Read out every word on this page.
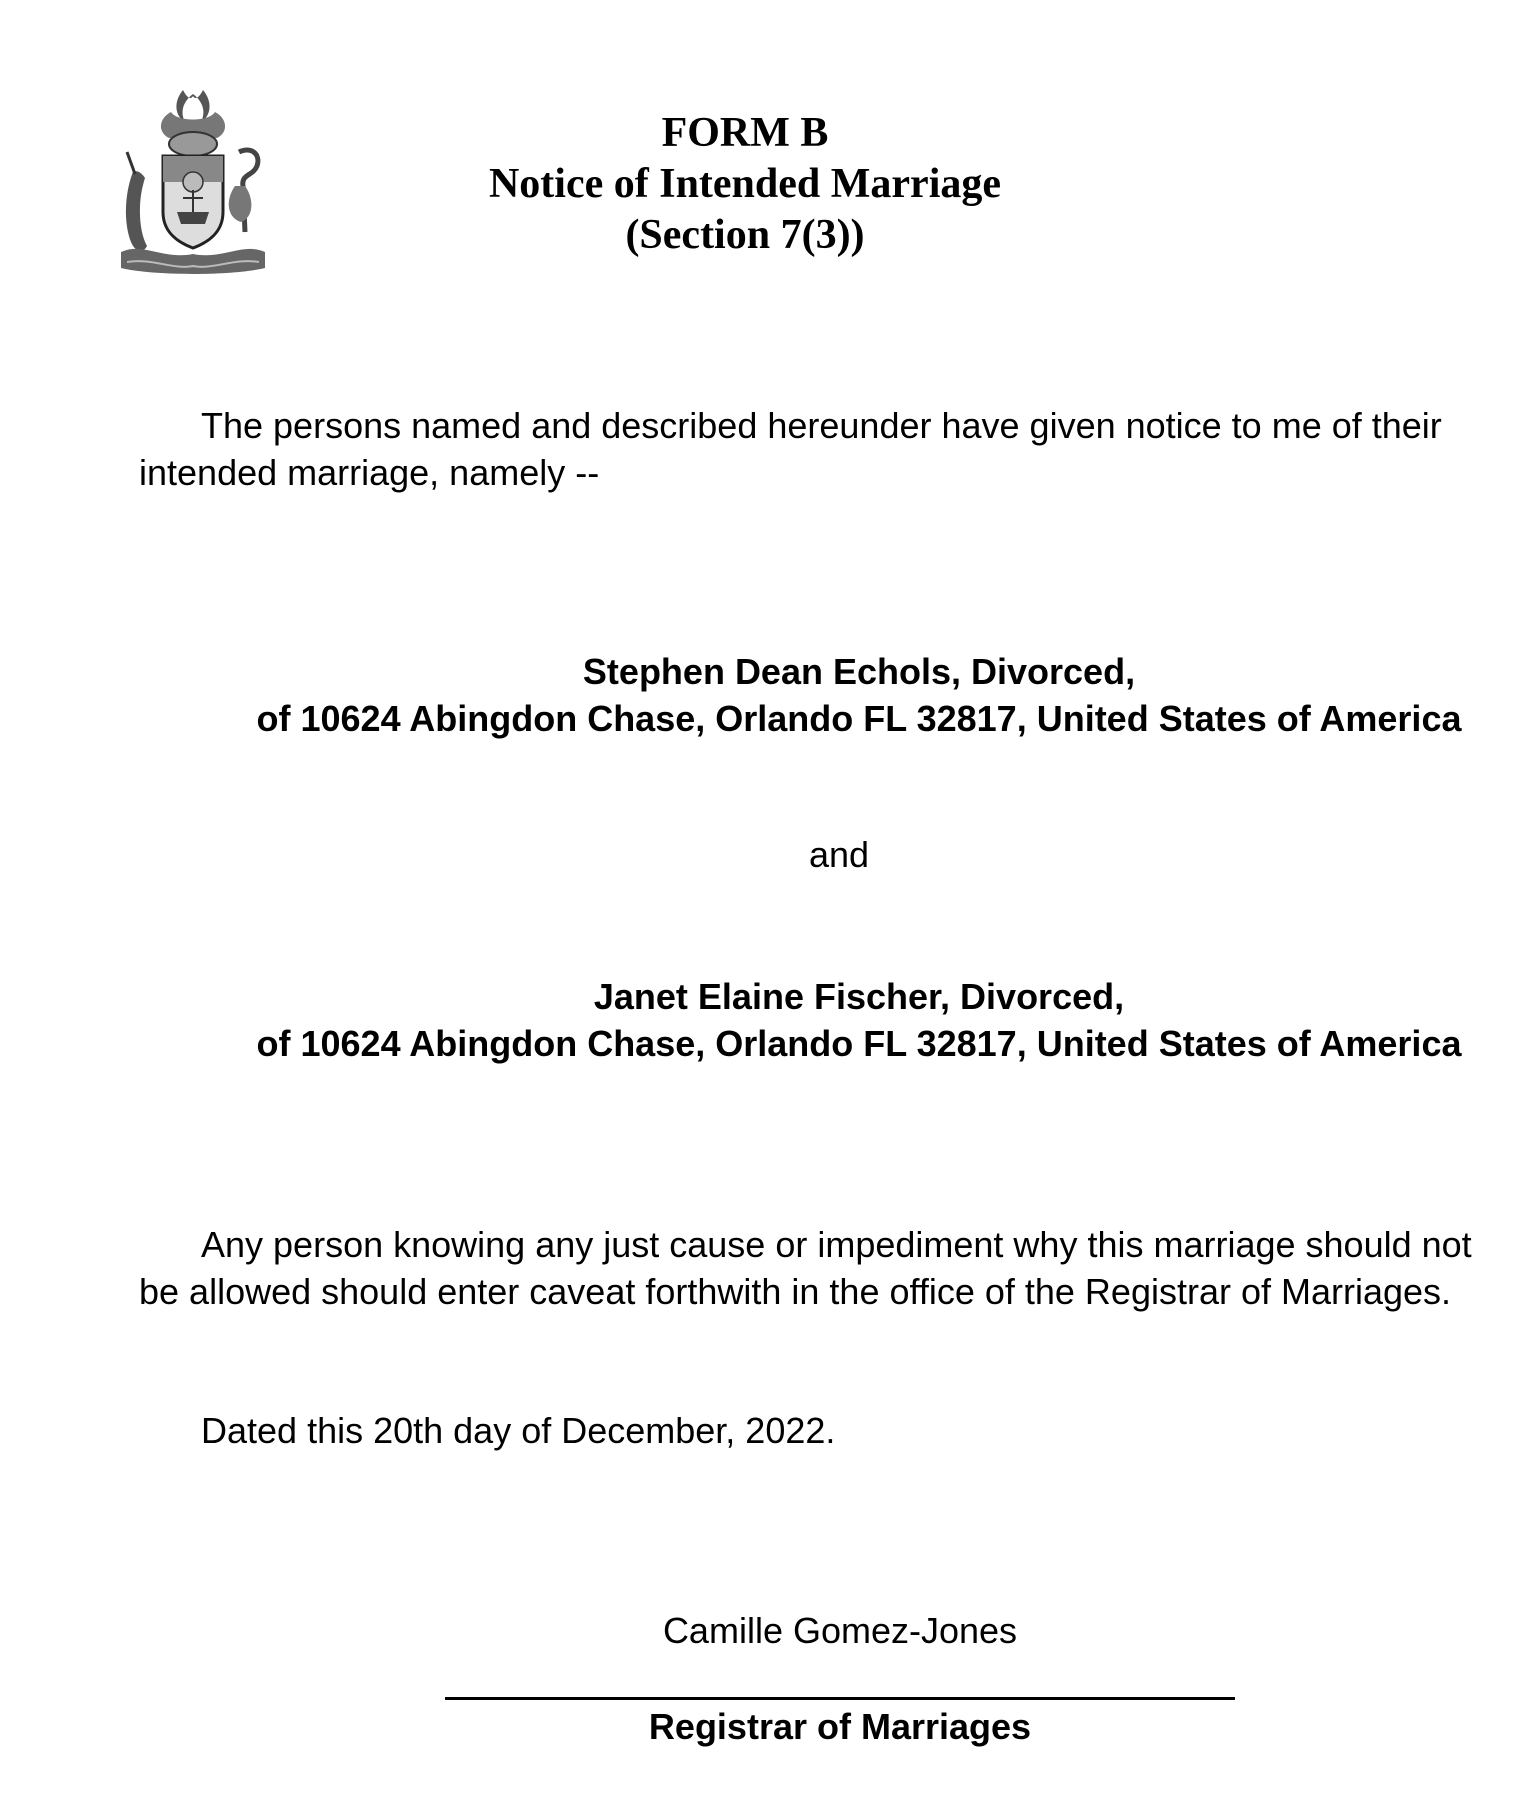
FORM B
Notice of Intended Marriage
(Section 7(3))
The persons named and described hereunder have given notice to me of their
intended marriage, namely --
Stephen Dean Echols, Divorced,
of 10624 Abingdon Chase, Orlando FL 32817, United States of America
and
Janet Elaine Fischer, Divorced,
of 10624 Abingdon Chase, Orlando FL 32817, United States of America
Any person knowing any just cause or impediment why this marriage should not
be allowed should enter caveat forthwith in the office of the Registrar of Marriages.
Dated this 20th day of December, 2022.
Camille Gomez-Jones
Registrar of Marriages
